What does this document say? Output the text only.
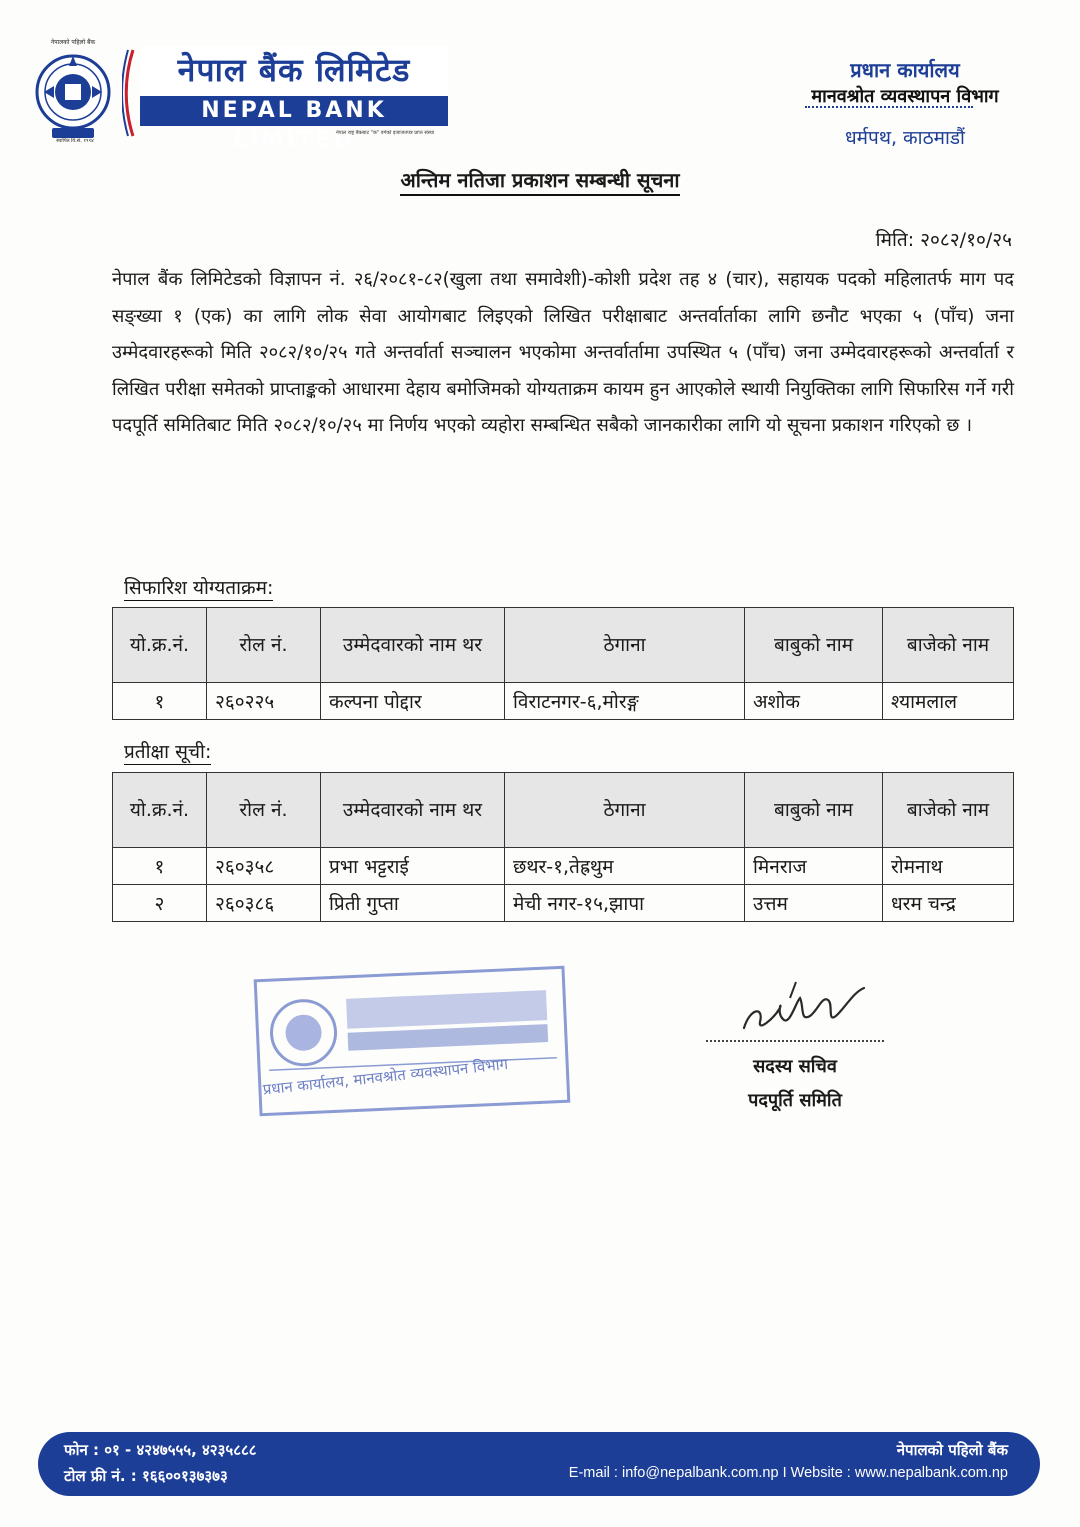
नेपालको पहिलो बैंक
स्थापित वि.सं. १९९४
नेपाल बैंक लिमिटेड
NEPAL BANK LIMITED
नेपाल राष्ट्र बैंकबाट "क" वर्गको इजाजतपत्र प्राप्त संस्था
प्रधान कार्यालय
मानवश्रोत व्यवस्थापन विभाग
धर्मपथ, काठमाडौं
अन्तिम नतिजा प्रकाशन सम्बन्धी सूचना
मिति: २०८२/१०/२५
नेपाल बैंक लिमिटेडको विज्ञापन नं. २६/२०८१-८२(खुला तथा समावेशी)-कोशी प्रदेश तह ४ (चार), सहायक पदको महिलातर्फ माग पद सङ्ख्या १ (एक) का लागि लोक सेवा आयोगबाट लिइएको लिखित परीक्षाबाट अन्तर्वार्ताका लागि छनौट भएका ५ (पाँच) जना उम्मेदवारहरूको मिति २०८२/१०/२५ गते अन्तर्वार्ता सञ्चालन भएकोमा अन्तर्वार्तामा उपस्थित ५ (पाँच) जना उम्मेदवारहरूको अन्तर्वार्ता र लिखित परीक्षा समेतको प्राप्ताङ्कको आधारमा देहाय बमोजिमको योग्यताक्रम कायम हुन आएकोले स्थायी नियुक्तिका लागि सिफारिस गर्ने गरी पदपूर्ति समितिबाट मिति २०८२/१०/२५ मा निर्णय भएको व्यहोरा सम्बन्धित सबैको जानकारीका लागि यो सूचना प्रकाशन गरिएको छ ।
सिफारिश योग्यताक्रम:
यो.क्र.नं.	रोल नं.	उम्मेदवारको नाम थर	ठेगाना	बाबुको नाम	बाजेको नाम
१	२६०२२५	कल्पना पोद्दार	विराटनगर-६,मोरङ्ग	अशोक	श्यामलाल
प्रतीक्षा सूची:
यो.क्र.नं.	रोल नं.	उम्मेदवारको नाम थर	ठेगाना	बाबुको नाम	बाजेको नाम
१	२६०३५८	प्रभा भट्टराई	छथर-१,तेह्रथुम	मिनराज	रोमनाथ
२	२६०३८६	प्रिती गुप्ता	मेची नगर-१५,झापा	उत्तम	धरम चन्द्र
प्रधान कार्यालय, मानवश्रोत व्यवस्थापन विभाग	सदस्य सचिव
पदपूर्ति समिति
फोन : ०१ - ४२४७५५५, ४२३५८८८
टोल फ्री नं. : १६६००१३७३७३
नेपालको पहिलो बैंक
E-mail : info@nepalbank.com.np I Website : www.nepalbank.com.np
